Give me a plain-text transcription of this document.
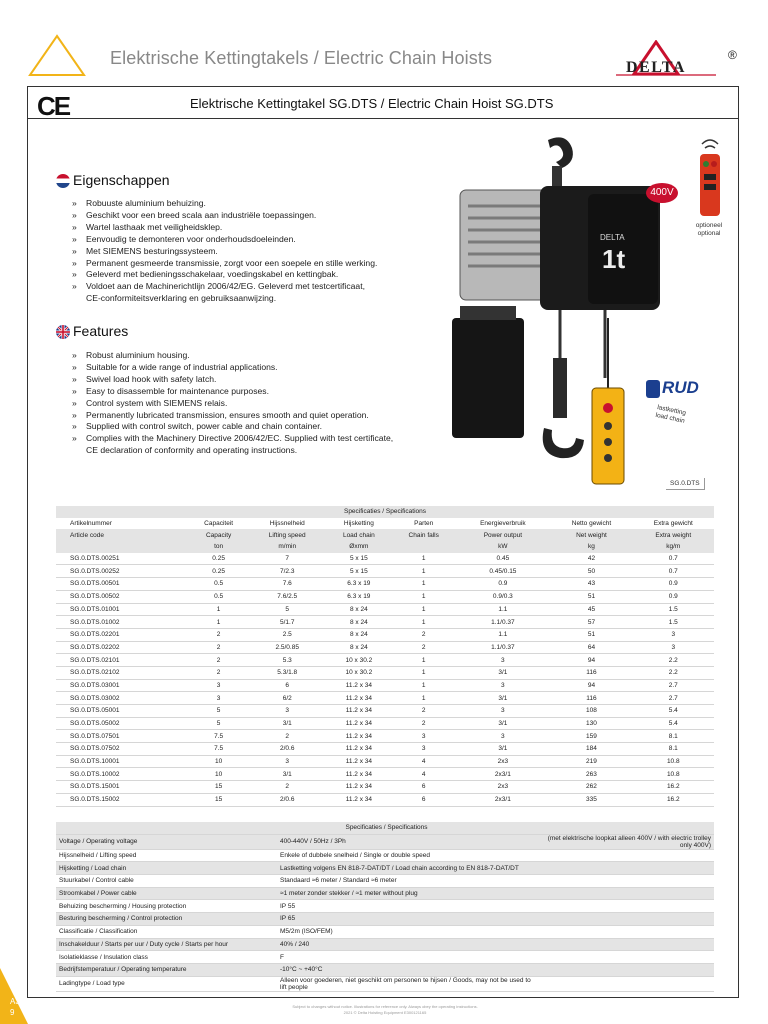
Elektrische Kettingtakels / Electric Chain Hoists	DELTA
®
CE	Elektrische Kettingtakel SG.DTS / Electric Chain Hoist SG.DTS
Eigenschappen
» Robuuste aluminium behuizing.
» Geschikt voor een breed scala aan industriële toepassingen.
» Wartel lasthaak met veiligheidsklep.
» Eenvoudig te demonteren voor onderhoudsdoeleinden.
» Met SIEMENS besturingssysteem.
» Permanent gesmeerde transmissie, zorgt voor een soepele en stille werking.
» Geleverd met bedieningsschakelaar, voedingskabel en kettingbak.
» Voldoet aan de Machinerichtlijn 2006/42/EG. Geleverd met testcertificaat,
CE-conformiteitsverklaring en gebruiksaanwijzing.
Features
» Robust aluminium housing.
» Suitable for a wide range of industrial applications.
» Swivel load hook with safety latch.
» Easy to disassemble for maintenance purposes.
» Control system with SIEMENS relais.
» Permanently lubricated transmission, ensures smooth and quiet operation.
» Supplied with control switch, power cable and chain container.
» Complies with the Machinery Directive 2006/42/EC. Supplied with test certificate,
CE declaration of conformity and operating instructions.
1t
DELTA
400V
optioneel
optional
RUD
lastketting
load chain
SG.0.DTS
Specificaties / Specifications							
Artikelnummer	Capaciteit	Hijssnelheid	Hijsketting	Parten	Energieverbruik	Netto gewicht	Extra gewicht
Article code	Capacity	Lifting speed	Load chain	Chain falls	Power output	Net weight	Extra weight
	ton	m/min	Øxmm		kW	kg	kg/m
SG.0.DTS.00251	0.25	7	5 x 15	1	0.45	42	0.7
SG.0.DTS.00252	0.25	7/2.3	5 x 15	1	0.45/0.15	50	0.7
SG.0.DTS.00501	0.5	7.6	6.3 x 19	1	0.9	43	0.9
SG.0.DTS.00502	0.5	7.6/2.5	6.3 x 19	1	0.9/0.3	51	0.9
SG.0.DTS.01001	1	5	8 x 24	1	1.1	45	1.5
SG.0.DTS.01002	1	5/1.7	8 x 24	1	1.1/0.37	57	1.5
SG.0.DTS.02201	2	2.5	8 x 24	2	1.1	51	3
SG.0.DTS.02202	2	2.5/0.85	8 x 24	2	1.1/0.37	64	3
SG.0.DTS.02101	2	5.3	10 x 30.2	1	3	94	2.2
SG.0.DTS.02102	2	5.3/1.8	10 x 30.2	1	3/1	116	2.2
SG.0.DTS.03001	3	6	11.2 x 34	1	3	94	2.7
SG.0.DTS.03002	3	6/2	11.2 x 34	1	3/1	116	2.7
SG.0.DTS.05001	5	3	11.2 x 34	2	3	108	5.4
SG.0.DTS.05002	5	3/1	11.2 x 34	2	3/1	130	5.4
SG.0.DTS.07501	7.5	2	11.2 x 34	3	3	159	8.1
SG.0.DTS.07502	7.5	2/0.6	11.2 x 34	3	3/1	184	8.1
SG.0.DTS.10001	10	3	11.2 x 34	4	2x3	219	10.8
SG.0.DTS.10002	10	3/1	11.2 x 34	4	2x3/1	263	10.8
SG.0.DTS.15001	15	2	11.2 x 34	6	2x3	262	16.2
SG.0.DTS.15002	15	2/0.6	11.2 x 34	6	2x3/1	335	16.2
Specificaties / Specifications		
Voltage / Operating voltage	400-440V / 50Hz / 3Ph	(met elektrische loopkat alleen 400V / with electric trolley only 400V)
Hijssnelheid / Lifting speed	Enkele of dubbele snelheid / Single or double speed	
Hijsketting / Load chain	Lastketting volgens EN 818-7-DAT/DT / Load chain according to EN 818-7-DAT/DT	
Stuurkabel / Control cable	Standaard ≈6 meter / Standard ≈6 meter	
Stroomkabel / Power cable	≈1 meter zonder stekker / ≈1 meter without plug	
Behuizing bescherming / Housing protection	IP 55	
Besturing bescherming / Control protection	IP 65	
Classificatie / Classification	M5/2m (ISO/FEM)	
Inschakelduur / Starts per uur / Duty cycle / Starts per hour	40% / 240	
Isolatieklasse / Insulation class	F	
Bedrijfstemperatuur / Operating temperature	-10°C ~ +40°C	
Ladingtype / Load type	Alleen voor goederen, niet geschikt om personen te hijsen / Goods, may not be used to lift people	
A3
9
Subject to changes without notice. Illustrations for reference only. Always obey the operating instructions.
2021 © Delta Hoisting Equipment E300121165
